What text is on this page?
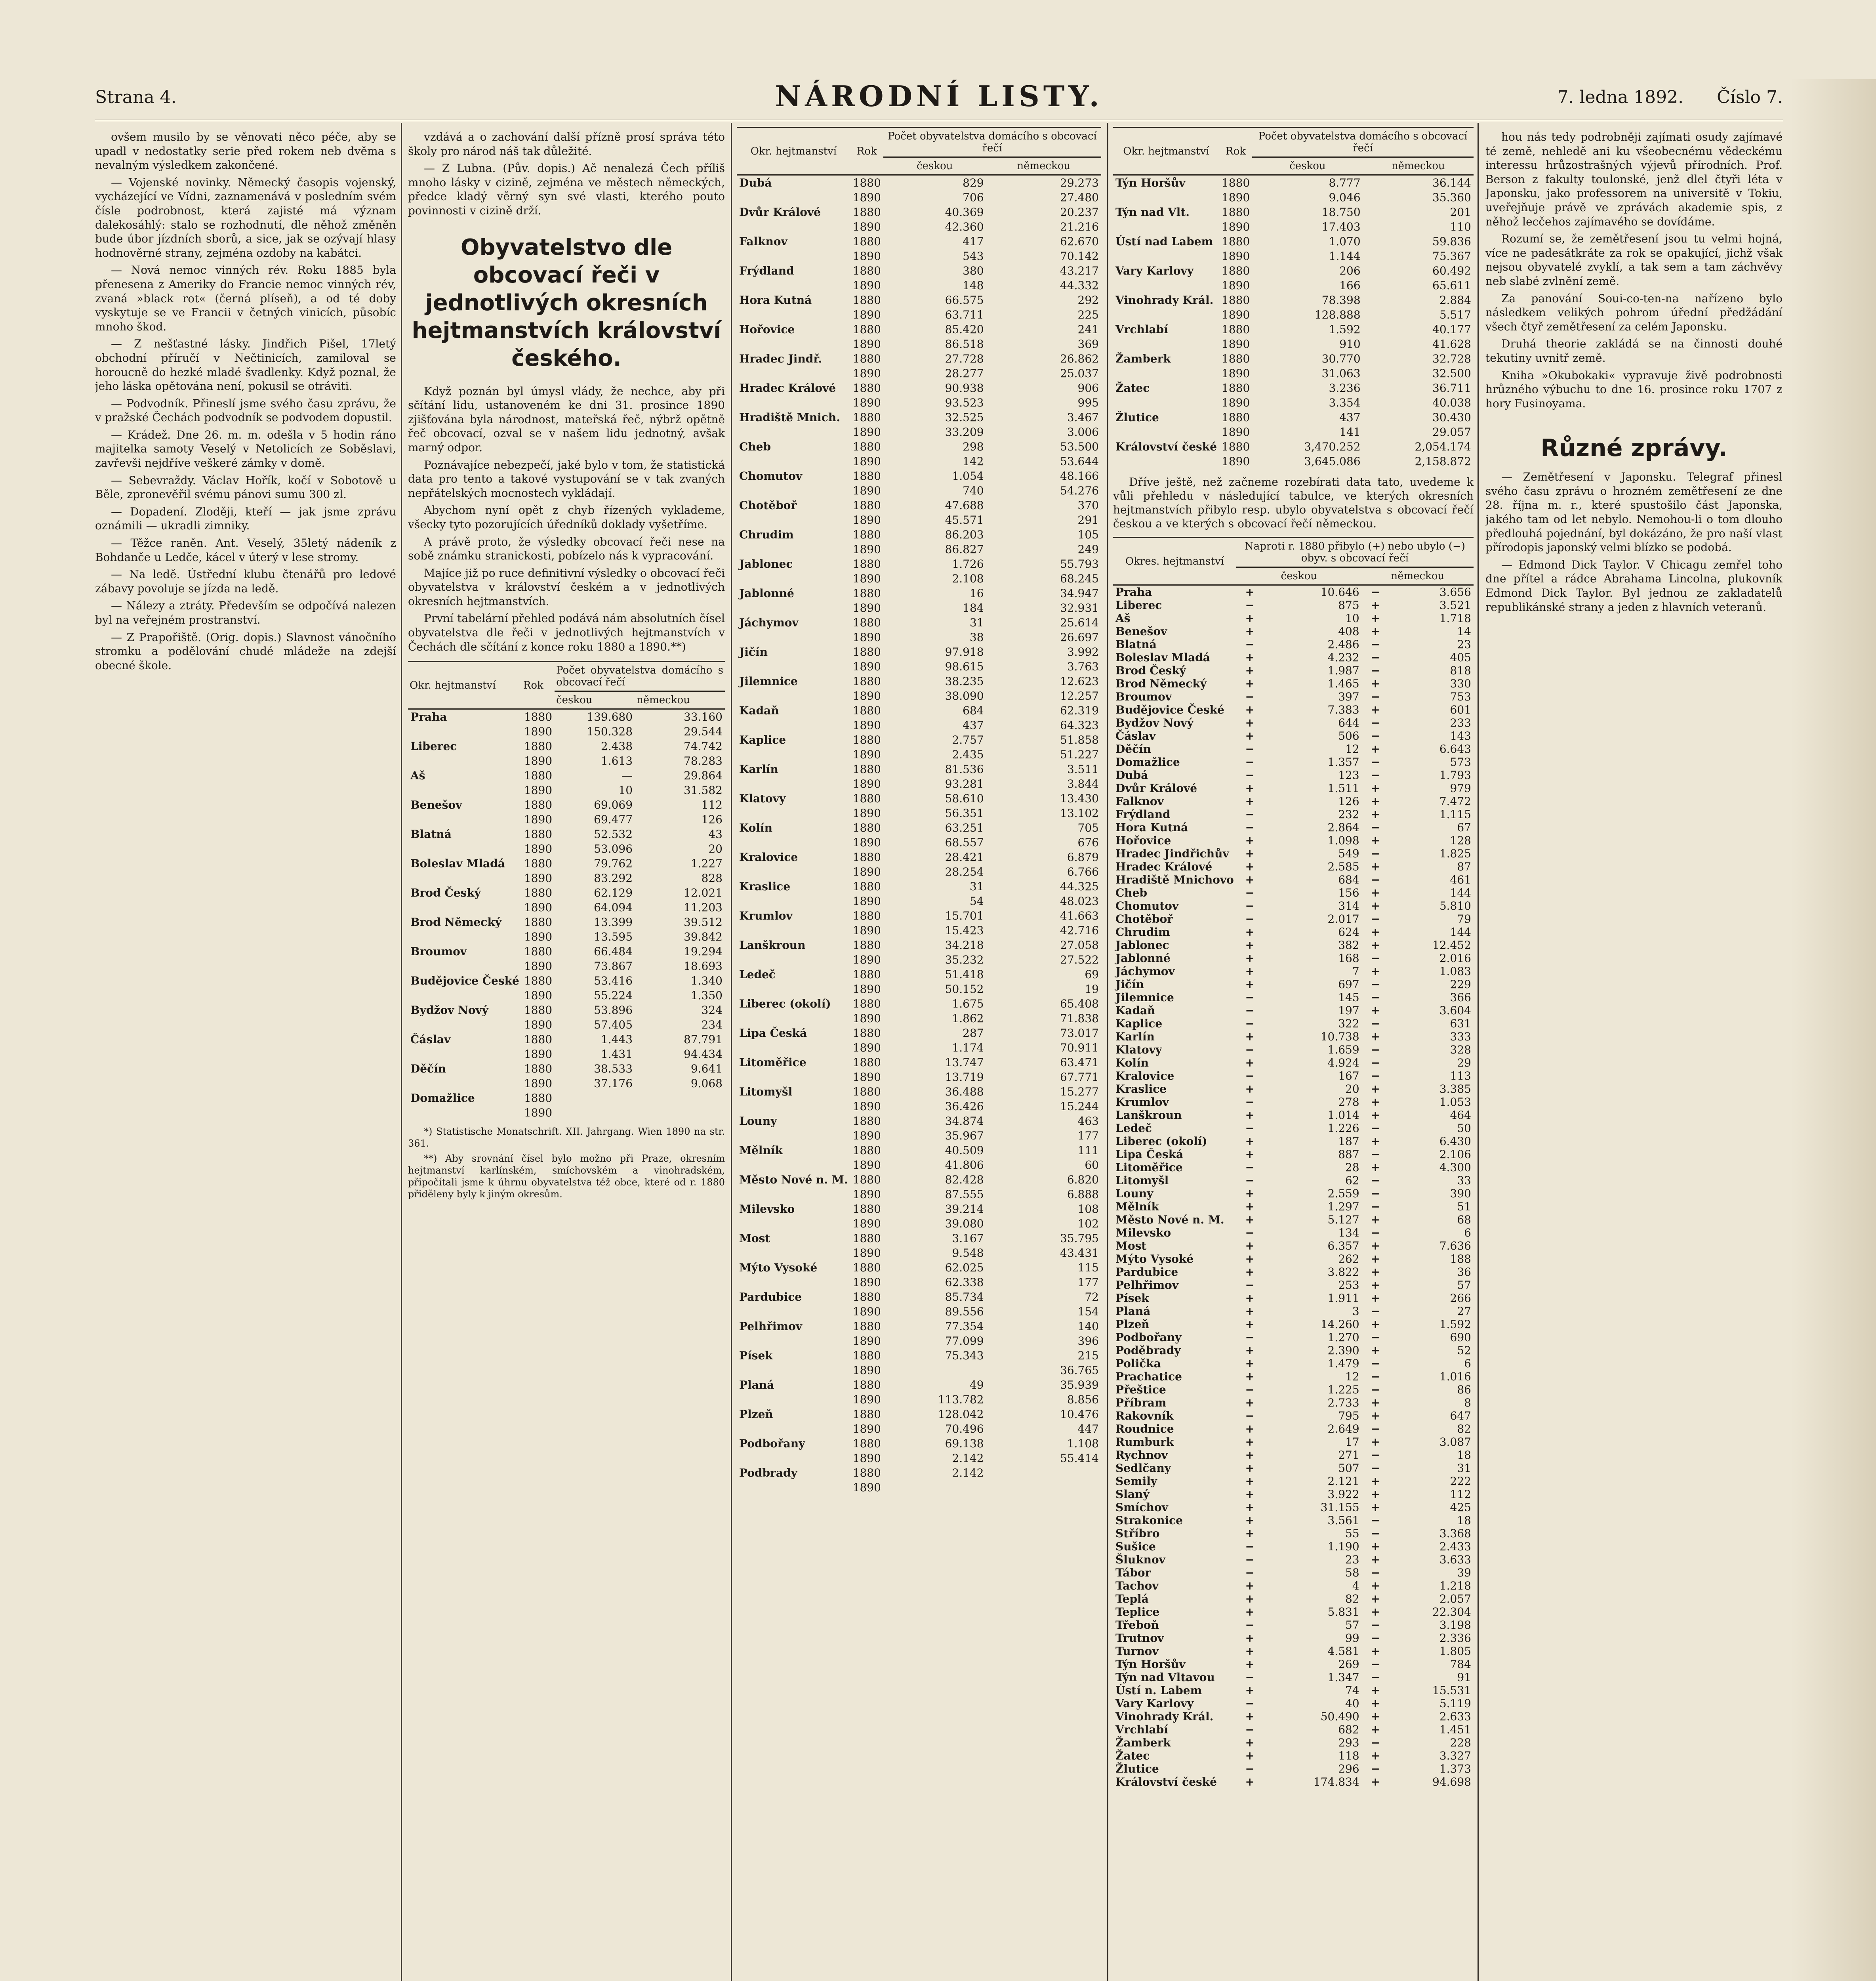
Strana 4.	NÁRODNÍ LISTY.	7. ledna 1892. Číslo 7.

ovšem musilo by se věnovati něco péče, aby se upadl v nedostatky serie před rokem neb dvěma s nevalným výsledkem zakončené.

— Vojenské novinky. Německý časopis vojenský, vycházející ve Vídni, zaznamenává v posledním svém čísle podrobnost, která zajisté má význam dalekosáhlý: stalo se rozhodnutí, dle něhož změněn bude úbor jízdních sborů, a sice, jak se ozývají hlasy hodnověrné strany, zejména ozdoby na kabátci.

— Nová nemoc vinných rév. Roku 1885 byla přenesena z Ameriky do Francie nemoc vinných rév, zvaná »black rot« (černá plíseň), a od té doby vyskytuje se ve Francii v četných vinicích, působíc mnoho škod.

— Z nešťastné lásky. Jindřich Pišel, 17letý obchodní příručí v Nečtinicích, zamiloval se horoucně do hezké mladé švadlenky. Když poznal, že jeho láska opětována není, pokusil se otráviti.

— Podvodník. Přineslí jsme svého času zprávu, že v pražské Čechách podvodník se podvodem dopustil.

— Krádež. Dne 26. m. m. odešla v 5 hodin ráno majitelka samoty Veselý v Netolicích ze Soběslavi, zavřevši nejdříve veškeré zámky v domě.

— Sebevraždy. Václav Hořík, kočí v Sobotově u Běle, zpronevěřil svému pánovi sumu 300 zl.

— Dopadení. Zloději, kteří — jak jsme zprávu oznámili — ukradli zimniky.

— Těžce raněn. Ant. Veselý, 35letý nádeník z Bohdanče u Ledče, kácel v úterý v lese stromy.

— Na ledě. Ústřední klubu čtenářů pro ledové zábavy povoluje se jízda na ledě.

— Nálezy a ztráty. Především se odpočívá nalezen byl na veřejném prostranství.

— Z Prapořiště. (Orig. dopis.) Slavnost vánočního stromku a podělování chudé mládeže na zdejší obecné škole.

vzdává a o zachování další přízně prosí správa této školy pro národ náš tak důležité.

— Z Lubna. (Pův. dopis.) Ač nenalezá Čech příliš mnoho lásky v cizině, zejména ve městech německých, předce kladý věrný syn své vlasti, kterého pouto povinnosti v cizině drží.

Obyvatelstvo dle obcovací řeči v jednotlivých okresních hejtmanstvích království českého.

Když poznán byl úmysl vlády, že nechce, aby při sčítání lidu, ustanoveném ke dni 31. prosince 1890 zjišťována byla národnost, mateřská řeč, nýbrž opětně řeč obcovací, ozval se v našem lidu jednotný, avšak marný odpor.

Poznávajíce nebezpečí, jaké bylo v tom, že statistická data pro tento a takové vystupování se v tak zvaných nepřátelských mocnostech vykládají.

Abychom nyní opět z chyb řízených vyklademe, všecky tyto pozorujících úředníků doklady vyšetříme.

A právě proto, že výsledky obcovací řeči nese na sobě známku stranickosti, pobízelo nás k vypracování.

Majíce již po ruce definitivní výsledky o obcovací řeči obyvatelstva v království českém a v jednotlivých okresních hejtmanstvích.

První tabelární přehled podává nám absolutních čísel obyvatelstva dle řeči v jednotlivých hejtmanstvích v Čechách dle sčítání z konce roku 1880 a 1890.**)

Okr. hejtmanství	Rok	Počet obyvatelstva domácího s obcovací řečí	
		českou	německou
Praha	1880	139.680	33.160
	1890	150.328	29.544
Liberec	1880	2.438	74.742
	1890	1.613	78.283
Aš	1880	—	29.864
	1890	10	31.582
Benešov	1880	69.069	112
	1890	69.477	126
Blatná	1880	52.532	43
	1890	53.096	20
Boleslav Mladá	1880	79.762	1.227
	1890	83.292	828
Brod Český	1880	62.129	12.021
	1890	64.094	11.203
Brod Německý	1880	13.399	39.512
	1890	13.595	39.842
Broumov	1880	66.484	19.294
	1890	73.867	18.693
Budějovice České	1880	53.416	1.340
	1890	55.224	1.350
Bydžov Nový	1880	53.896	324
	1890	57.405	234
Čáslav	1880	1.443	87.791
	1890	1.431	94.434
Děčín	1880	38.533	9.641
	1890	37.176	9.068
Domažlice	1880		
	1890		

*) Statistische Monatschrift. XII. Jahrgang. Wien 1890 na str. 361.

**) Aby srovnání čísel bylo možno při Praze, okresním hejtmanství karlínském, smíchovském a vinohradském, připočítali jsme k úhrnu obyvatelstva též obce, které od r. 1880 přiděleny byly k jiným okresům.

Okr. hejtmanství	Rok	Počet obyvatelstva domácího s obcovací řečí	
		českou	německou
Dubá	1880	829	29.273
	1890	706	27.480
Dvůr Králové	1880	40.369	20.237
	1890	42.360	21.216
Falknov	1880	417	62.670
	1890	543	70.142
Frýdland	1880	380	43.217
	1890	148	44.332
Hora Kutná	1880	66.575	292
	1890	63.711	225
Hořovice	1880	85.420	241
	1890	86.518	369
Hradec Jindř.	1880	27.728	26.862
	1890	28.277	25.037
Hradec Králové	1880	90.938	906
	1890	93.523	995
Hradiště Mnich.	1880	32.525	3.467
	1890	33.209	3.006
Cheb	1880	298	53.500
	1890	142	53.644
Chomutov	1880	1.054	48.166
	1890	740	54.276
Chotěboř	1880	47.688	370
	1890	45.571	291
Chrudim	1880	86.203	105
	1890	86.827	249
Jablonec	1880	1.726	55.793
	1890	2.108	68.245
Jablonné	1880	16	34.947
	1890	184	32.931
Jáchymov	1880	31	25.614
	1890	38	26.697
Jičín	1880	97.918	3.992
	1890	98.615	3.763
Jilemnice	1880	38.235	12.623
	1890	38.090	12.257
Kadaň	1880	684	62.319
	1890	437	64.323
Kaplice	1880	2.757	51.858
	1890	2.435	51.227
Karlín	1880	81.536	3.511
	1890	93.281	3.844
Klatovy	1880	58.610	13.430
	1890	56.351	13.102
Kolín	1880	63.251	705
	1890	68.557	676
Kralovice	1880	28.421	6.879
	1890	28.254	6.766
Kraslice	1880	31	44.325
	1890	54	48.023
Krumlov	1880	15.701	41.663
	1890	15.423	42.716
Lanškroun	1880	34.218	27.058
	1890	35.232	27.522
Ledeč	1880	51.418	69
	1890	50.152	19
Liberec (okolí)	1880	1.675	65.408
	1890	1.862	71.838
Lipa Česká	1880	287	73.017
	1890	1.174	70.911
Litoměřice	1880	13.747	63.471
	1890	13.719	67.771
Litomyšl	1880	36.488	15.277
	1890	36.426	15.244
Louny	1880	34.874	463
	1890	35.967	177
Mělník	1880	40.509	111
	1890	41.806	60
Město Nové n. M.	1880	82.428	6.820
	1890	87.555	6.888
Milevsko	1880	39.214	108
	1890	39.080	102
Most	1880	3.167	35.795
	1890	9.548	43.431
Mýto Vysoké	1880	62.025	115
	1890	62.338	177
Pardubice	1880	85.734	72
	1890	89.556	154
Pelhřimov	1880	77.354	140
	1890	77.099	396
Písek	1880	75.343	215
	1890		36.765
Planá	1880	49	35.939
	1890	113.782	8.856
Plzeň	1880	128.042	10.476
	1890	70.496	447
Podbořany	1880	69.138	1.108
	1890	2.142	55.414
Podbrady	1880	2.142	
	1890		
Okr. hejtmanství	Rok	Počet obyvatelstva domácího s obcovací řečí	
		českou	německou
Týn Horšův	1880	8.777	36.144
	1890	9.046	35.360
Týn nad Vlt.	1880	18.750	201
	1890	17.403	110
Ústí nad Labem	1880	1.070	59.836
	1890	1.144	75.367
Vary Karlovy	1880	206	60.492
	1890	166	65.611
Vinohrady Král.	1880	78.398	2.884
	1890	128.888	5.517
Vrchlabí	1880	1.592	40.177
	1890	910	41.628
Žamberk	1880	30.770	32.728
	1890	31.063	32.500
Žatec	1880	3.236	36.711
	1890	3.354	40.038
Žlutice	1880	437	30.430
	1890	141	29.057
Království české	1880	3,470.252	2,054.174
	1890	3,645.086	2,158.872

Dříve ještě, než začneme rozebírati data tato, uvedeme k vůli přehledu v následující tabulce, ve kterých okresních hejtmanstvích přibylo resp. ubylo obyvatelstva s obcovací řečí českou a ve kterých s obcovací řečí německou.

Okres. hejtmanství	Naproti r. 1880 přibylo (+) nebo ubylo (−) obyv. s obcovací řečí			
	českou		německou	
Praha	+	10.646	−	3.656
Liberec	−	875	+	3.521
Aš	+	10	+	1.718
Benešov	+	408	+	14
Blatná	−	2.486	−	23
Boleslav Mladá	+	4.232	−	405
Brod Český	+	1.987	−	818
Brod Německý	+	1.465	+	330
Broumov	−	397	−	753
Budějovice České	+	7.383	+	601
Bydžov Nový	+	644	−	233
Čáslav	+	506	−	143
Děčín	−	12	+	6.643
Domažlice	−	1.357	−	573
Dubá	−	123	−	1.793
Dvůr Králové	+	1.511	+	979
Falknov	+	126	+	7.472
Frýdland	−	232	+	1.115
Hora Kutná	−	2.864	−	67
Hořovice	+	1.098	+	128
Hradec Jindřichův	+	549	−	1.825
Hradec Králové	+	2.585	+	87
Hradiště Mnichovo	+	684	−	461
Cheb	−	156	+	144
Chomutov	−	314	+	5.810
Chotěboř	−	2.017	−	79
Chrudim	+	624	+	144
Jablonec	+	382	+	12.452
Jablonné	+	168	−	2.016
Jáchymov	+	7	+	1.083
Jičín	+	697	−	229
Jilemnice	−	145	−	366
Kadaň	−	197	+	3.604
Kaplice	−	322	−	631
Karlín	+	10.738	+	333
Klatovy	−	1.659	−	328
Kolín	+	4.924	−	29
Kralovice	−	167	−	113
Kraslice	+	20	+	3.385
Krumlov	−	278	+	1.053
Lanškroun	+	1.014	+	464
Ledeč	−	1.226	−	50
Liberec (okolí)	+	187	+	6.430
Lipa Česká	+	887	−	2.106
Litoměřice	−	28	+	4.300
Litomyšl	−	62	−	33
Louny	+	2.559	−	390
Mělník	+	1.297	−	51
Město Nové n. M.	+	5.127	+	68
Milevsko	−	134	−	6
Most	+	6.357	+	7.636
Mýto Vysoké	+	262	+	188
Pardubice	+	3.822	+	36
Pelhřimov	−	253	+	57
Písek	+	1.911	+	266
Planá	+	3	−	27
Plzeň	+	14.260	+	1.592
Podbořany	−	1.270	−	690
Poděbrady	+	2.390	+	52
Polička	+	1.479	−	6
Prachatice	+	12	−	1.016
Přeštice	−	1.225	−	86
Příbram	+	2.733	+	8
Rakovník	−	795	+	647
Roudnice	+	2.649	−	82
Rumburk	+	17	+	3.087
Rychnov	+	271	−	18
Sedlčany	+	507	−	31
Semily	+	2.121	+	222
Slaný	+	3.922	+	112
Smíchov	+	31.155	+	425
Strakonice	+	3.561	−	18
Stříbro	+	55	−	3.368
Sušice	−	1.190	+	2.433
Šluknov	−	23	+	3.633
Tábor	−	58	−	39
Tachov	+	4	+	1.218
Teplá	+	82	+	2.057
Teplice	+	5.831	+	22.304
Třeboň	−	57	−	3.198
Trutnov	+	99	−	2.336
Turnov	+	4.581	+	1.805
Týn Horšův	+	269	−	784
Týn nad Vltavou	−	1.347	−	91
Ústí n. Labem	+	74	+	15.531
Vary Karlovy	−	40	+	5.119
Vinohrady Král.	+	50.490	+	2.633
Vrchlabí	−	682	+	1.451
Žamberk	+	293	−	228
Žatec	+	118	+	3.327
Žlutice	−	296	−	1.373
Království české	+	174.834	+	94.698

hou nás tedy podrobněji zajímati osudy zajímavé té země, nehledě ani ku všeobecnému vědeckému interessu hrůzostrašných výjevů přírodních. Prof. Berson z fakulty toulonské, jenž dlel čtyři léta v Japonsku, jako professorem na universitě v Tokiu, uveřejňuje právě ve zprávách akademie spis, z něhož lecčehos zajímavého se dovídáme.

Rozumí se, že zemětřesení jsou tu velmi hojná, více ne padesátkráte za rok se opakující, jichž však nejsou obyvatelé zvyklí, a tak sem a tam záchvěvy neb slabé zvlnění země.

Za panování Soui-co-ten-na nařízeno bylo následkem velikých pohrom úřední předžádání všech čtyř zemětřesení za celém Japonsku.

Druhá theorie zakládá se na činnosti douhé tekutiny uvnitř země.

Kniha »Okubokaki« vypravuje živě podrobnosti hrůzného výbuchu to dne 16. prosince roku 1707 z hory Fusinoyama.

Různé zprávy.

— Zemětřesení v Japonsku. Telegraf přinesl svého času zprávu o hrozném zemětřesení ze dne 28. října m. r., které spustošilo část Japonska, jakého tam od let nebylo. Nemohou-li o tom dlouho předlouhá pojednání, byl dokázáno, že pro naší vlast přírodopis japonský velmi blízko se podobá.

— Edmond Dick Taylor. V Chicagu zemřel toho dne přítel a rádce Abrahama Lincolna, plukovník Edmond Dick Taylor. Byl jednou ze zakladatelů republikánské strany a jeden z hlavních veteranů.
